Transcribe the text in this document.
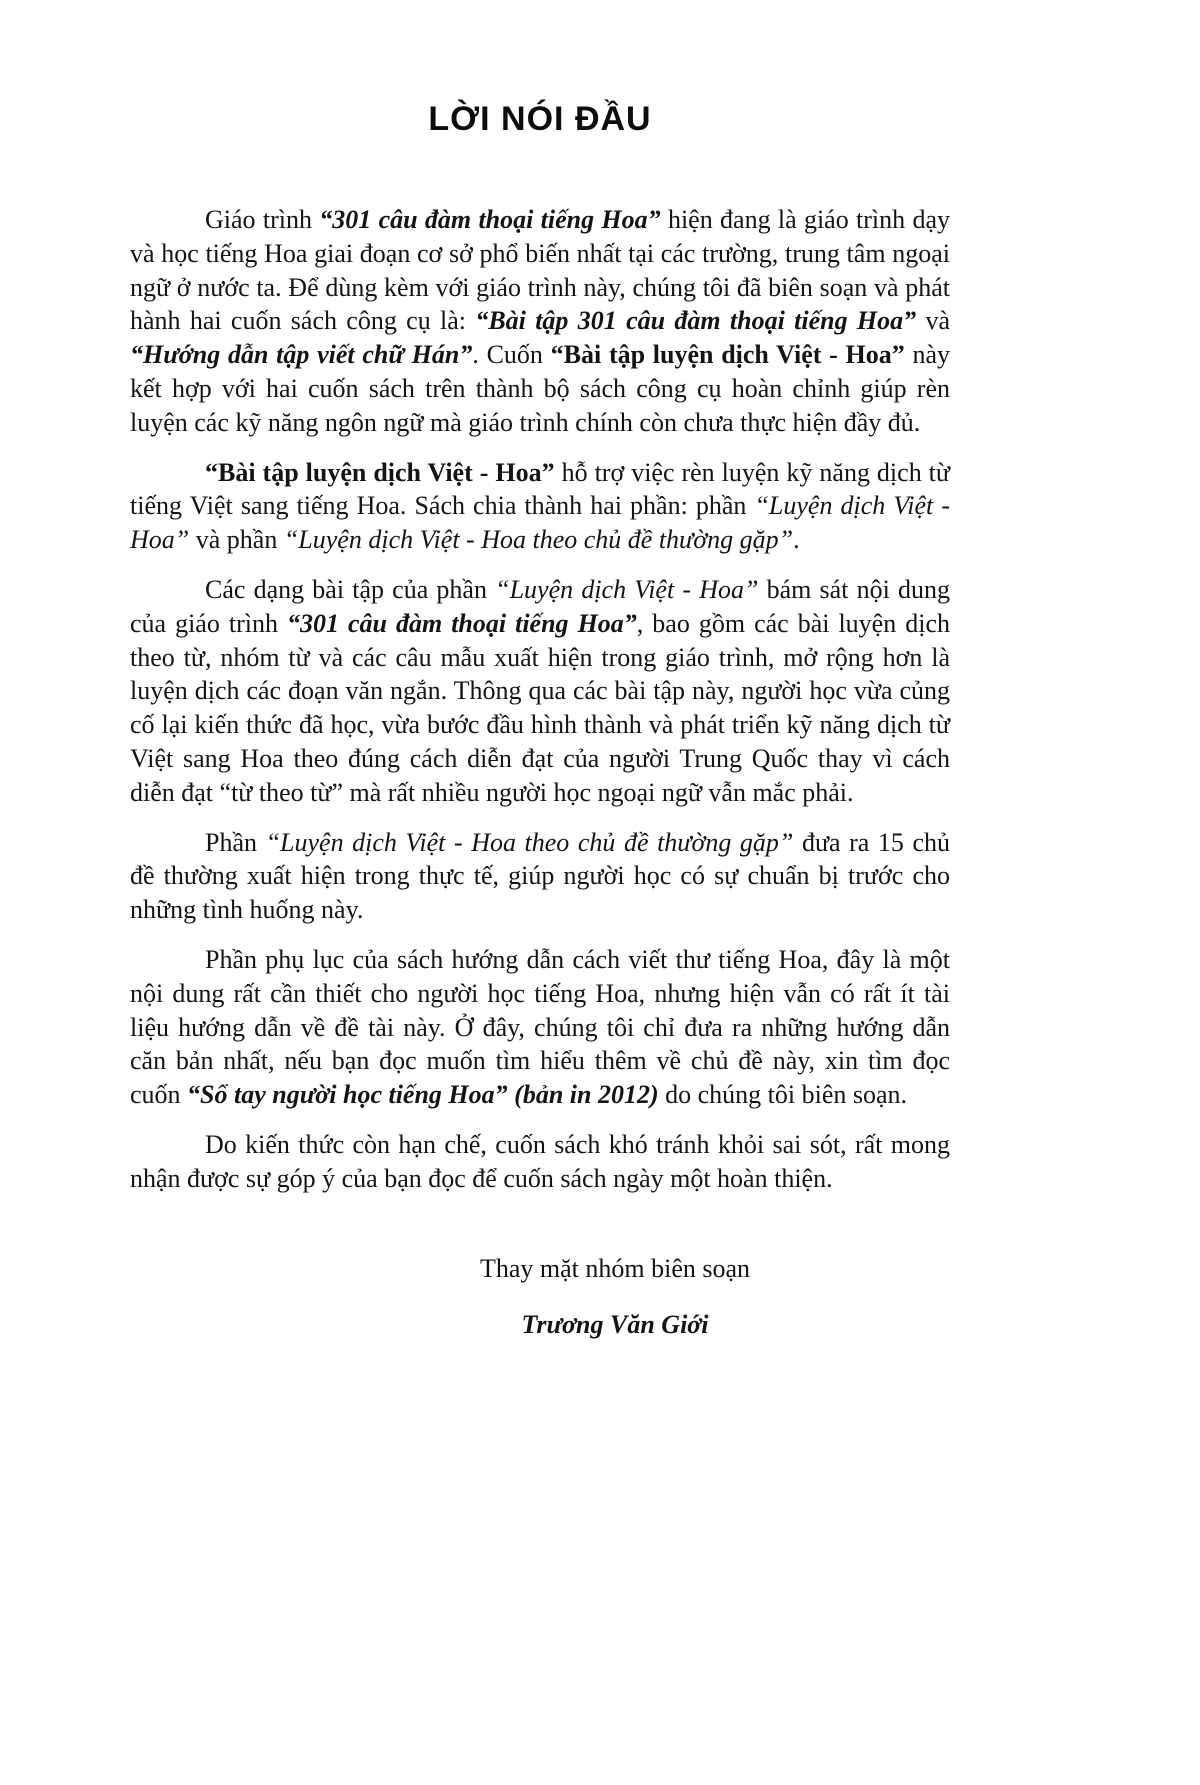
LỜI NÓI ĐẦU

Giáo trình “301 câu đàm thoại tiếng Hoa” hiện đang là giáo trình dạy và học tiếng Hoa giai đoạn cơ sở phổ biến nhất tại các trường, trung tâm ngoại ngữ ở nước ta. Để dùng kèm với giáo trình này, chúng tôi đã biên soạn và phát hành hai cuốn sách công cụ là: “Bài tập 301 câu đàm thoại tiếng Hoa” và “Hướng dẫn tập viết chữ Hán”. Cuốn “Bài tập luyện dịch Việt - Hoa” này kết hợp với hai cuốn sách trên thành bộ sách công cụ hoàn chỉnh giúp rèn luyện các kỹ năng ngôn ngữ mà giáo trình chính còn chưa thực hiện đầy đủ.

“Bài tập luyện dịch Việt - Hoa” hỗ trợ việc rèn luyện kỹ năng dịch từ tiếng Việt sang tiếng Hoa. Sách chia thành hai phần: phần “Luyện dịch Việt - Hoa” và phần “Luyện dịch Việt - Hoa theo chủ đề thường gặp”.

Các dạng bài tập của phần “Luyện dịch Việt - Hoa” bám sát nội dung của giáo trình “301 câu đàm thoại tiếng Hoa”, bao gồm các bài luyện dịch theo từ, nhóm từ và các câu mẫu xuất hiện trong giáo trình, mở rộng hơn là luyện dịch các đoạn văn ngắn. Thông qua các bài tập này, người học vừa củng cố lại kiến thức đã học, vừa bước đầu hình thành và phát triển kỹ năng dịch từ Việt sang Hoa theo đúng cách diễn đạt của người Trung Quốc thay vì cách diễn đạt “từ theo từ” mà rất nhiều người học ngoại ngữ vẫn mắc phải.

Phần “Luyện dịch Việt - Hoa theo chủ đề thường gặp” đưa ra 15 chủ đề thường xuất hiện trong thực tế, giúp người học có sự chuẩn bị trước cho những tình huống này.

Phần phụ lục của sách hướng dẫn cách viết thư tiếng Hoa, đây là một nội dung rất cần thiết cho người học tiếng Hoa, nhưng hiện vẫn có rất ít tài liệu hướng dẫn về đề tài này. Ở đây, chúng tôi chỉ đưa ra những hướng dẫn căn bản nhất, nếu bạn đọc muốn tìm hiểu thêm về chủ đề này, xin tìm đọc cuốn “Sổ tay người học tiếng Hoa” (bản in 2012) do chúng tôi biên soạn.

Do kiến thức còn hạn chế, cuốn sách khó tránh khỏi sai sót, rất mong nhận được sự góp ý của bạn đọc để cuốn sách ngày một hoàn thiện.

Thay mặt nhóm biên soạn

Trương Văn Giới
